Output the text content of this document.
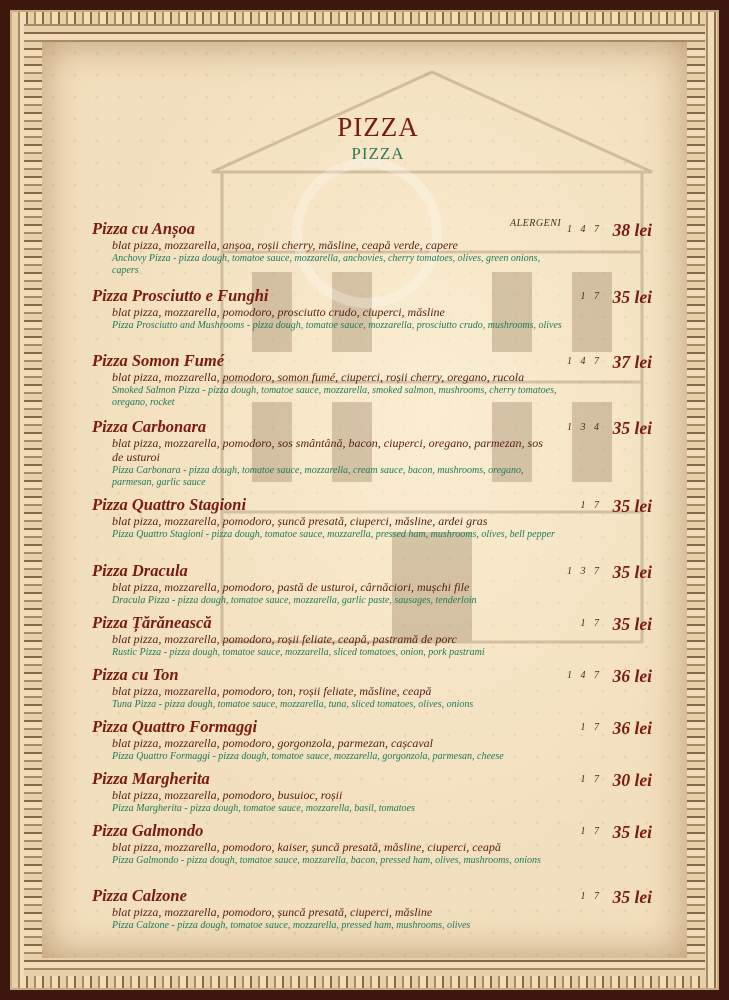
PIZZA
PIZZA
ALERGENI
Pizza cu Anșoa	1 4 7 38 lei
blat pizza, mozzarella, anșoa, roșii cherry, măsline, ceapă verde, capere
Anchovy Pizza - pizza dough, tomatoe sauce, mozzarella, anchovies, cherry tomatoes, olives, green onions, capers
Pizza Prosciutto e Funghi	1 7 35 lei
blat pizza, mozzarella, pomodoro, prosciutto crudo, ciuperci, măsline
Pizza Prosciutto and Mushrooms - pizza dough, tomatoe sauce, mozzarella, prosciutto crudo, mushrooms, olives
Pizza Somon Fumé	1 4 7 37 lei
blat pizza, mozzarella, pomodoro, somon fumé, ciuperci, roșii cherry, oregano, rucola
Smoked Salmon Pizza - pizza dough, tomatoe sauce, mozzarella, smoked salmon, mushrooms, cherry tomatoes, oregano, rocket
Pizza Carbonara	1 3 4 35 lei
blat pizza, mozzarella, pomodoro, sos smântână, bacon, ciuperci, oregano, parmezan, sos de usturoi
Pizza Carbonara - pizza dough, tomatoe sauce, mozzarella, cream sauce, bacon, mushrooms, oregano, parmesan, garlic sauce
Pizza Quattro Stagioni	1 7 35 lei
blat pizza, mozzarella, pomodoro, șuncă presată, ciuperci, măsline, ardei gras
Pizza Quattro Stagioni - pizza dough, tomatoe sauce, mozzarella, pressed ham, mushrooms, olives, bell pepper
Pizza Dracula	1 3 7 35 lei
blat pizza, mozzarella, pomodoro, pastă de usturoi, cârnăciori, mușchi file
Dracula Pizza - pizza dough, tomatoe sauce, mozzarella, garlic paste, sausages, tenderloin
Pizza Țărănească	1 7 35 lei
blat pizza, mozzarella, pomodoro, roșii feliate, ceapă, pastramă de porc
Rustic Pizza - pizza dough, tomatoe sauce, mozzarella, sliced tomatoes, onion, pork pastrami
Pizza cu Ton	1 4 7 36 lei
blat pizza, mozzarella, pomodoro, ton, roșii feliate, măsline, ceapă
Tuna Pizza - pizza dough, tomatoe sauce, mozzarella, tuna, sliced tomatoes, olives, onions
Pizza Quattro Formaggi	1 7 36 lei
blat pizza, mozzarella, pomodoro, gorgonzola, parmezan, cașcaval
Pizza Quattro Formaggi - pizza dough, tomatoe sauce, mozzarella, gorgonzola, parmesan, cheese
Pizza Margherita	1 7 30 lei
blat pizza, mozzarella, pomodoro, busuioc, roșii
Pizza Margherita - pizza dough, tomatoe sauce, mozzarella, basil, tomatoes
Pizza Galmondo	1 7 35 lei
blat pizza, mozzarella, pomodoro, kaiser, șuncă presată, măsline, ciuperci, ceapă
Pizza Galmondo - pizza dough, tomatoe sauce, mozzarella, bacon, pressed ham, olives, mushrooms, onions
Pizza Calzone	1 7 35 lei
blat pizza, mozzarella, pomodoro, șuncă presată, ciuperci, măsline
Pizza Calzone - pizza dough, tomatoe sauce, mozzarella, pressed ham, mushrooms, olives
